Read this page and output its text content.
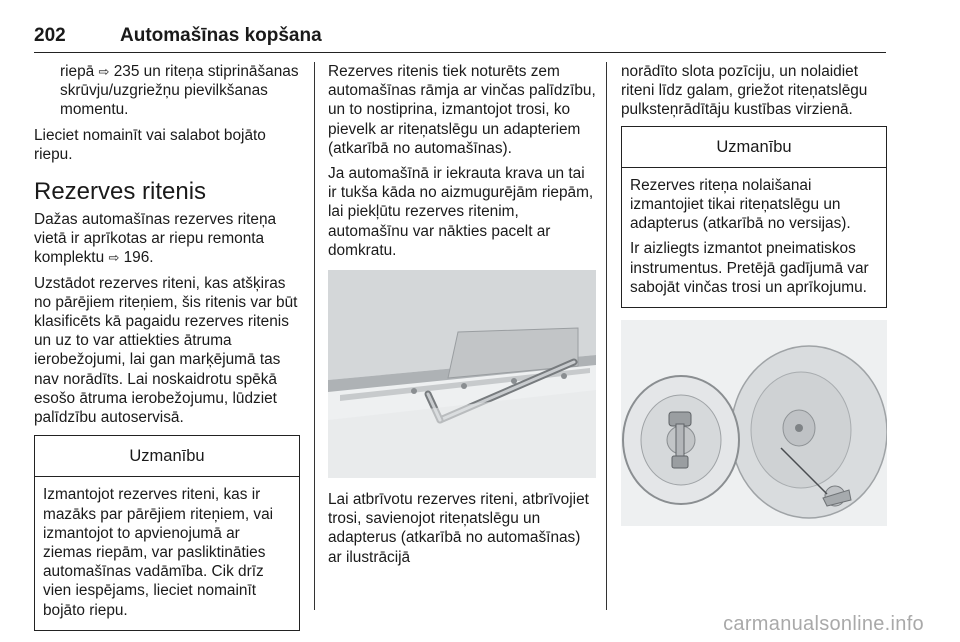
202	Automašīnas kopšana

riepā ⇨ 235 un riteņa stiprināšanas skrūvju/uzgriežņu pievilkšanas momentu.

Lieciet nomainīt vai salabot bojāto riepu.

Rezerves ritenis

Dažas automašīnas rezerves riteņa vietā ir aprīkotas ar riepu remonta komplektu ⇨ 196.

Uzstādot rezerves riteni, kas atšķiras no pārējiem riteņiem, šis ritenis var būt klasificēts kā pagaidu rezerves ritenis un uz to var attiekties ātruma ierobežojumi, lai gan marķējumā tas nav norādīts. Lai noskaidrotu spēkā esošo ātruma ierobežojumu, lūdziet palīdzību autoservisā.

Uzmanību

Izmantojot rezerves riteni, kas ir mazāks par pārējiem riteņiem, vai izmantojot to apvienojumā ar ziemas riepām, var pasliktināties automašīnas vadāmība. Cik drīz vien iespējams, lieciet nomainīt bojāto riepu.

Rezerves ritenis tiek noturēts zem automašīnas rāmja ar vinčas palīdzību, un to nostiprina, izmantojot trosi, ko pievelk ar riteņatslēgu un adapteriem (atkarībā no automašīnas).

Ja automašīnā ir iekrauta krava un tai ir tukša kāda no aizmugurējām riepām, lai piekļūtu rezerves ritenim, automašīnu var nākties pacelt ar domkratu.

Lai atbrīvotu rezerves riteni, atbrīvojiet trosi, savienojot riteņatslēgu un adapterus (atkarībā no automašīnas) ar ilustrācijā

norādīto slota pozīciju, un nolaidiet riteni līdz galam, griežot riteņatslēgu pulksteņrādītāju kustības virzienā.

Uzmanību

Rezerves riteņa nolaišanai izmantojiet tikai riteņatslēgu un adapterus (atkarībā no versijas).

Ir aizliegts izmantot pneimatiskos instrumentus. Pretējā gadījumā var sabojāt vinčas trosi un aprīkojumu.

carmanualsonline.info
